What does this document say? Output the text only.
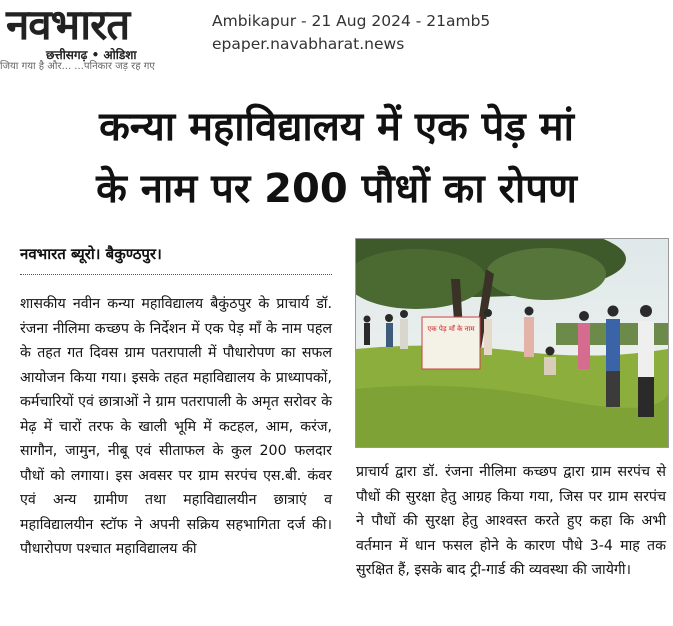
नवभारत
छत्तीसगढ़ • ओडिशा
Ambikapur - 21 Aug 2024 - 21amb5
epaper.navabharat.news
जिया गया है और... ...पनिकार जड़ रह गए
कन्या महाविद्यालय में एक पेड़ मां
के नाम पर 200 पौधों का रोपण
नवभारत ब्यूरो। बैकुण्ठपुर।
शासकीय नवीन कन्या महाविद्यालय बैकुंठपुर के प्राचार्य डॉ. रंजना नीलिमा कच्छप के निर्देशन में एक पेड़ माँ के नाम पहल के तहत गत दिवस ग्राम पतरापाली में पौधारोपण का सफल आयोजन किया गया। इसके तहत महाविद्यालय के प्राध्यापकों, कर्मचारियों एवं छात्राओं ने ग्राम पतरापाली के अमृत सरोवर के मेढ़ में चारों तरफ के खाली भूमि में कटहल, आम, करंज, सागौन, जामुन, नीबू एवं सीताफल के कुल 200 फलदार पौधों को लगाया। इस अवसर पर ग्राम सरपंच एस.बी. कंवर एवं अन्य ग्रामीण तथा महाविद्यालयीन छात्राएं व महाविद्यालयीन स्टॉफ ने अपनी सक्रिय सहभागिता दर्ज की। पौधारोपण पश्चात महाविद्यालय की
एक पेड़ माँ के नाम
प्राचार्य द्वारा डॉ. रंजना नीलिमा कच्छप द्वारा ग्राम सरपंच से पौधों की सुरक्षा हेतु आग्रह किया गया, जिस पर ग्राम सरपंच ने पौधों की सुरक्षा हेतु आश्वस्त करते हुए कहा कि अभी वर्तमान में धान फसल होने के कारण पौधे 3-4 माह तक सुरक्षित हैं, इसके बाद ट्री-गार्ड की व्यवस्था की जायेगी।
